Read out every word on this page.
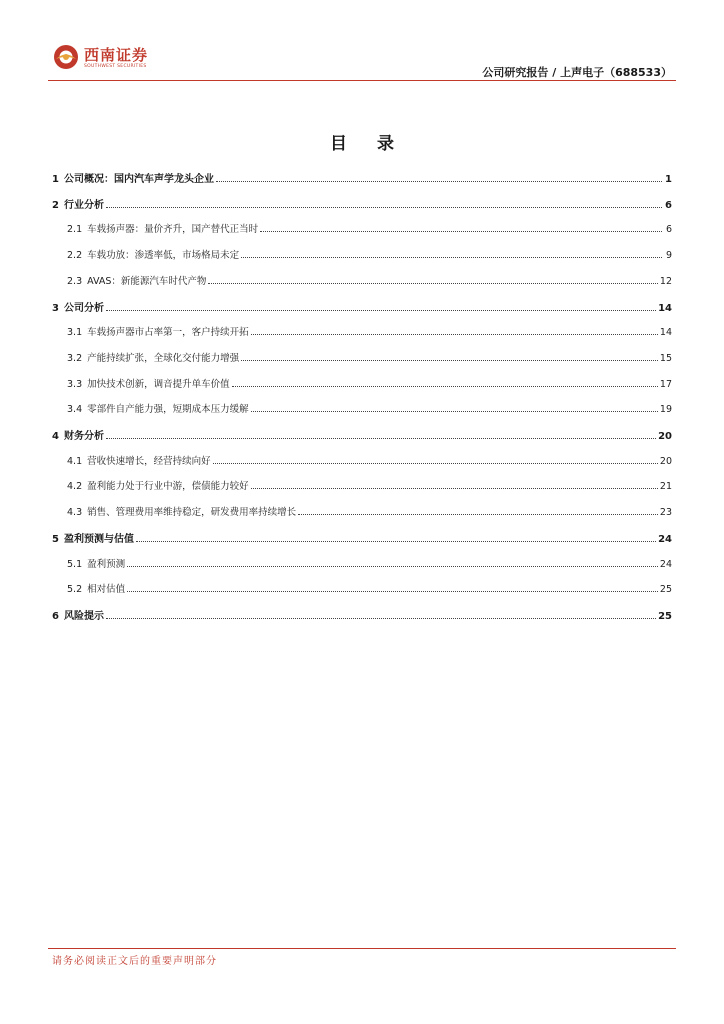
西南证券
SOUTHWEST SECURITIES	公司研究报告 / 上声电子（688533）
目 录
1 公司概况：国内汽车声学龙头企业	1
2 行业分析	6
2.1 车载扬声器：量价齐升，国产替代正当时	6
2.2 车载功放：渗透率低，市场格局未定	9
2.3 AVAS：新能源汽车时代产物	12
3 公司分析	14
3.1 车载扬声器市占率第一，客户持续开拓	14
3.2 产能持续扩张，全球化交付能力增强	15
3.3 加快技术创新，调音提升单车价值	17
3.4 零部件自产能力强，短期成本压力缓解	19
4 财务分析	20
4.1 营收快速增长，经营持续向好	20
4.2 盈利能力处于行业中游，偿债能力较好	21
4.3 销售、管理费用率维持稳定，研发费用率持续增长	23
5 盈利预测与估值	24
5.1 盈利预测	24
5.2 相对估值	25
6 风险提示	25
请务必阅读正文后的重要声明部分
